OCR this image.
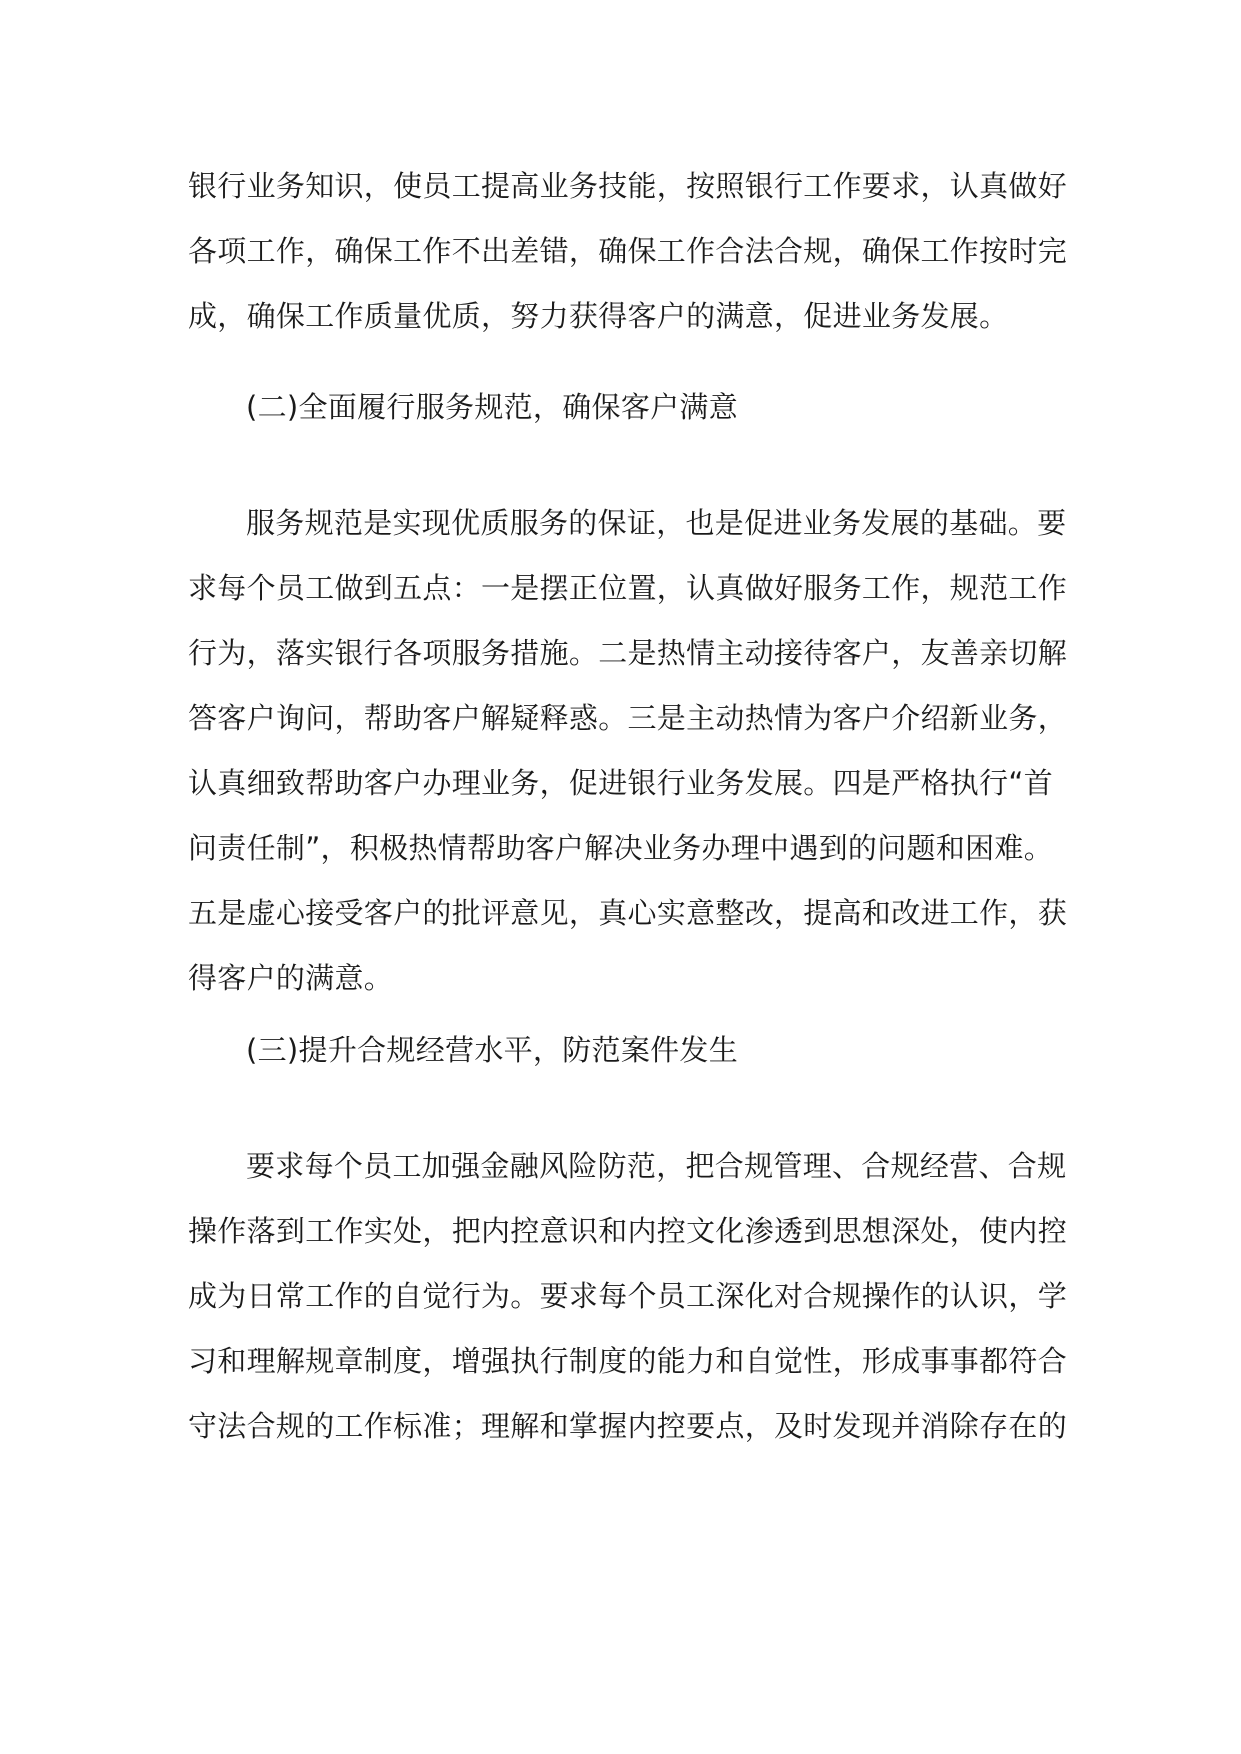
银行业务知识，使员工提高业务技能，按照银行工作要求，认真做好
各项工作，确保工作不出差错，确保工作合法合规，确保工作按时完
成，确保工作质量优质，努力获得客户的满意，促进业务发展。
(二)全面履行服务规范，确保客户满意
服务规范是实现优质服务的保证，也是促进业务发展的基础。要
求每个员工做到五点：一是摆正位置，认真做好服务工作，规范工作
行为，落实银行各项服务措施。二是热情主动接待客户，友善亲切解
答客户询问，帮助客户解疑释惑。三是主动热情为客户介绍新业务，
认真细致帮助客户办理业务，促进银行业务发展。四是严格执行“首
问责任制”，积极热情帮助客户解决业务办理中遇到的问题和困难。
五是虚心接受客户的批评意见，真心实意整改，提高和改进工作，获
得客户的满意。
(三)提升合规经营水平，防范案件发生
要求每个员工加强金融风险防范，把合规管理、合规经营、合规
操作落到工作实处，把内控意识和内控文化渗透到思想深处，使内控
成为日常工作的自觉行为。要求每个员工深化对合规操作的认识，学
习和理解规章制度，增强执行制度的能力和自觉性，形成事事都符合
守法合规的工作标准；理解和掌握内控要点，及时发现并消除存在的
